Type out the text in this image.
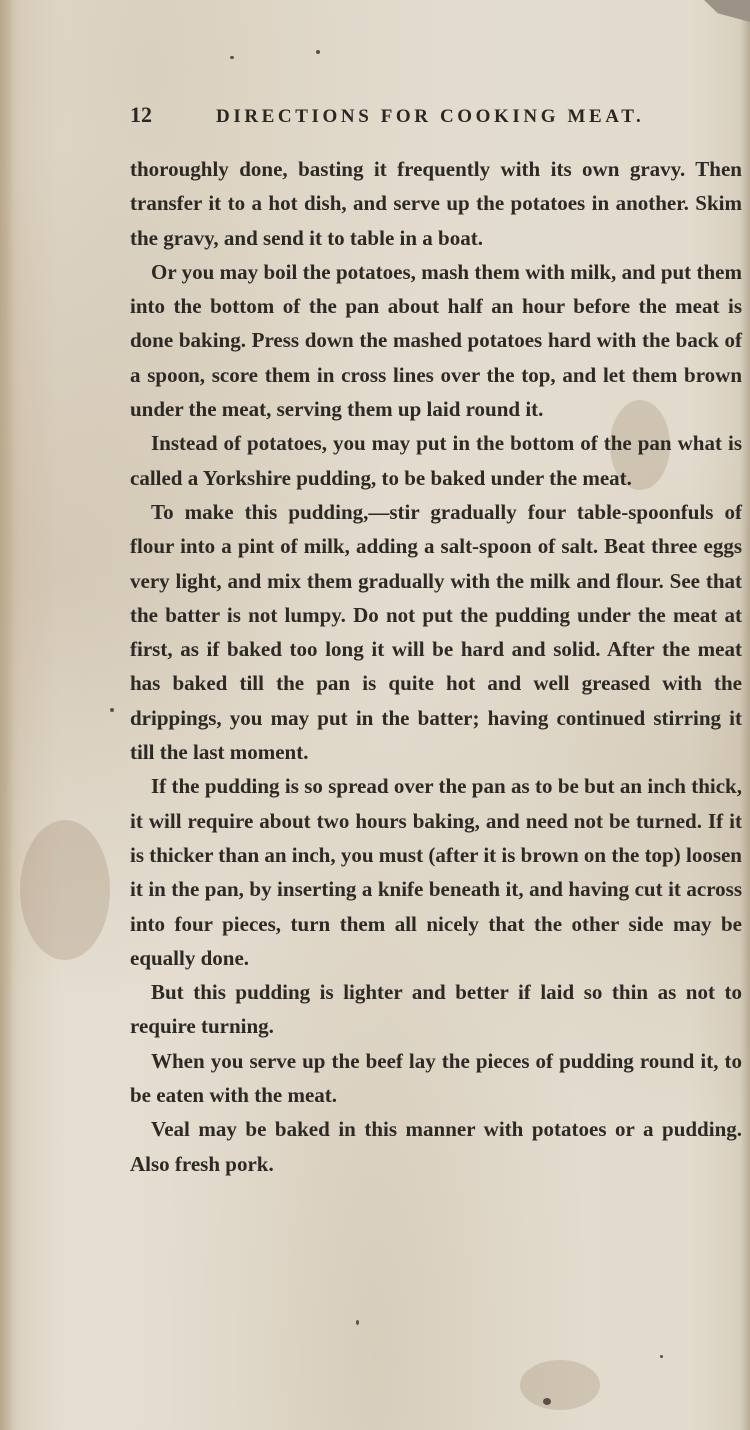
12	DIRECTIONS FOR COOKING MEAT.

thoroughly done, basting it frequently with its own gravy. Then transfer it to a hot dish, and serve up the potatoes in another. Skim the gravy, and send it to table in a boat.

Or you may boil the potatoes, mash them with milk, and put them into the bottom of the pan about half an hour before the meat is done baking. Press down the mashed potatoes hard with the back of a spoon, score them in cross lines over the top, and let them brown under the meat, serving them up laid round it.

Instead of potatoes, you may put in the bottom of the pan what is called a Yorkshire pudding, to be baked under the meat.

To make this pudding,—stir gradually four table-spoonfuls of flour into a pint of milk, adding a salt-spoon of salt. Beat three eggs very light, and mix them gradually with the milk and flour. See that the batter is not lumpy. Do not put the pudding under the meat at first, as if baked too long it will be hard and solid. After the meat has baked till the pan is quite hot and well greased with the drippings, you may put in the batter; having continued stirring it till the last moment.

If the pudding is so spread over the pan as to be but an inch thick, it will require about two hours baking, and need not be turned. If it is thicker than an inch, you must (after it is brown on the top) loosen it in the pan, by inserting a knife beneath it, and having cut it across into four pieces, turn them all nicely that the other side may be equally done.

But this pudding is lighter and better if laid so thin as not to require turning.

When you serve up the beef lay the pieces of pudding round it, to be eaten with the meat.

Veal may be baked in this manner with potatoes or a pudding. Also fresh pork.
